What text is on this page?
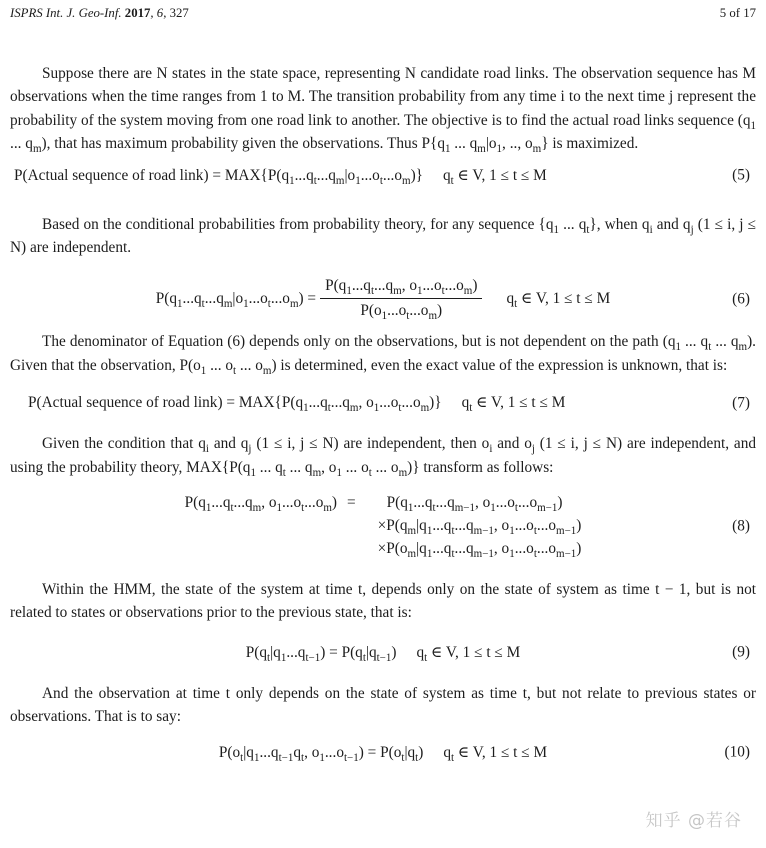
ISPRS Int. J. Geo-Inf. 2017, 6, 327	5 of 17

Suppose there are N states in the state space, representing N candidate road links. The observation sequence has M observations when the time ranges from 1 to M. The transition probability from any time i to the next time j represent the probability of the system moving from one road link to another. The objective is to find the actual road links sequence ($q_1$ ... $q_m$), that has maximum probability given the observations. Thus $P\{q_1$ ... $q_m|o_1$, .., $o_m$} is maximized.

P(Actual sequence of road link) = $MAX\{P(q_1...q_t...q_m|o_1...o_t...o_m)\}$ $q_t$ ∈ V, 1 ≤ t ≤ M	(5)

Based on the conditional probabilities from probability theory, for any sequence {$q_1$ ... $q_t$}, when $q_i$ and $q_j$ (1 ≤ i, j ≤ N) are independent.

$P(q_1...q_t...q_m|o_1...o_t...o_m) = \frac{P(q_1...q_t...q_m, o_1...o_t...o_m)}{P(o_1...o_t...o_m)} q_t$ ∈ V, 1 ≤ t ≤ M	(6)

The denominator of Equation (6) depends only on the observations, but is not dependent on the path ($q_1$ ... $q_t$ ... $q_m$). Given that the observation, $P(o_1$ ... $o_t$ ... $o_m$) is determined, even the exact value of the expression is unknown, that is:

P(Actual sequence of road link) = $MAX\{P(q_1...q_t...q_m$, $o_1...o_t...o_m$)} $q_t$ ∈ V, 1 ≤ t ≤ M	(7)

Given the condition that $q_i$ and $q_j$ (1 ≤ i, j ≤ N) are independent, then $o_i$ and $o_j$ (1 ≤ i, j ≤ N) are independent, and using the probability theory, $MAX\{P(q_1$ ... $q_t$ ... $q_m$, $o_1$ ... $o_t$ ... $o_m$)} transform as follows:

$P(q_1...q_t...q_m$, $o_1...o_t...o_m$) =	$P(q_1...q_t...q_{m-1}$, $o_1...o_t...o_{m-1}$)
$\times P(q_m|q_1...q_t...q_{m-1}$, $o_1...o_t...o_{m-1}$)
$\times P(o_m|q_1...q_t...q_{m-1}$, $o_1...o_t...o_{m-1}$)
(8)

Within the HMM, the state of the system at time t, depends only on the state of system as time t − 1, but is not related to states or observations prior to the previous state, that is:

$P(q_t|q_1...q_{t-1}) = P(q_t|q_{t-1})$ $q_t$ ∈ V, 1 ≤ t ≤ M	(9)

And the observation at time t only depends on the state of system as time t, but not relate to previous states or observations. That is to say:

$P(o_t|q_1...q_{t-1}q_t$, $o_1...o_{t-1}) = P(o_t|q_t)$ $q_t$ ∈ V, 1 ≤ t ≤ M	(10)
知乎 @若谷
